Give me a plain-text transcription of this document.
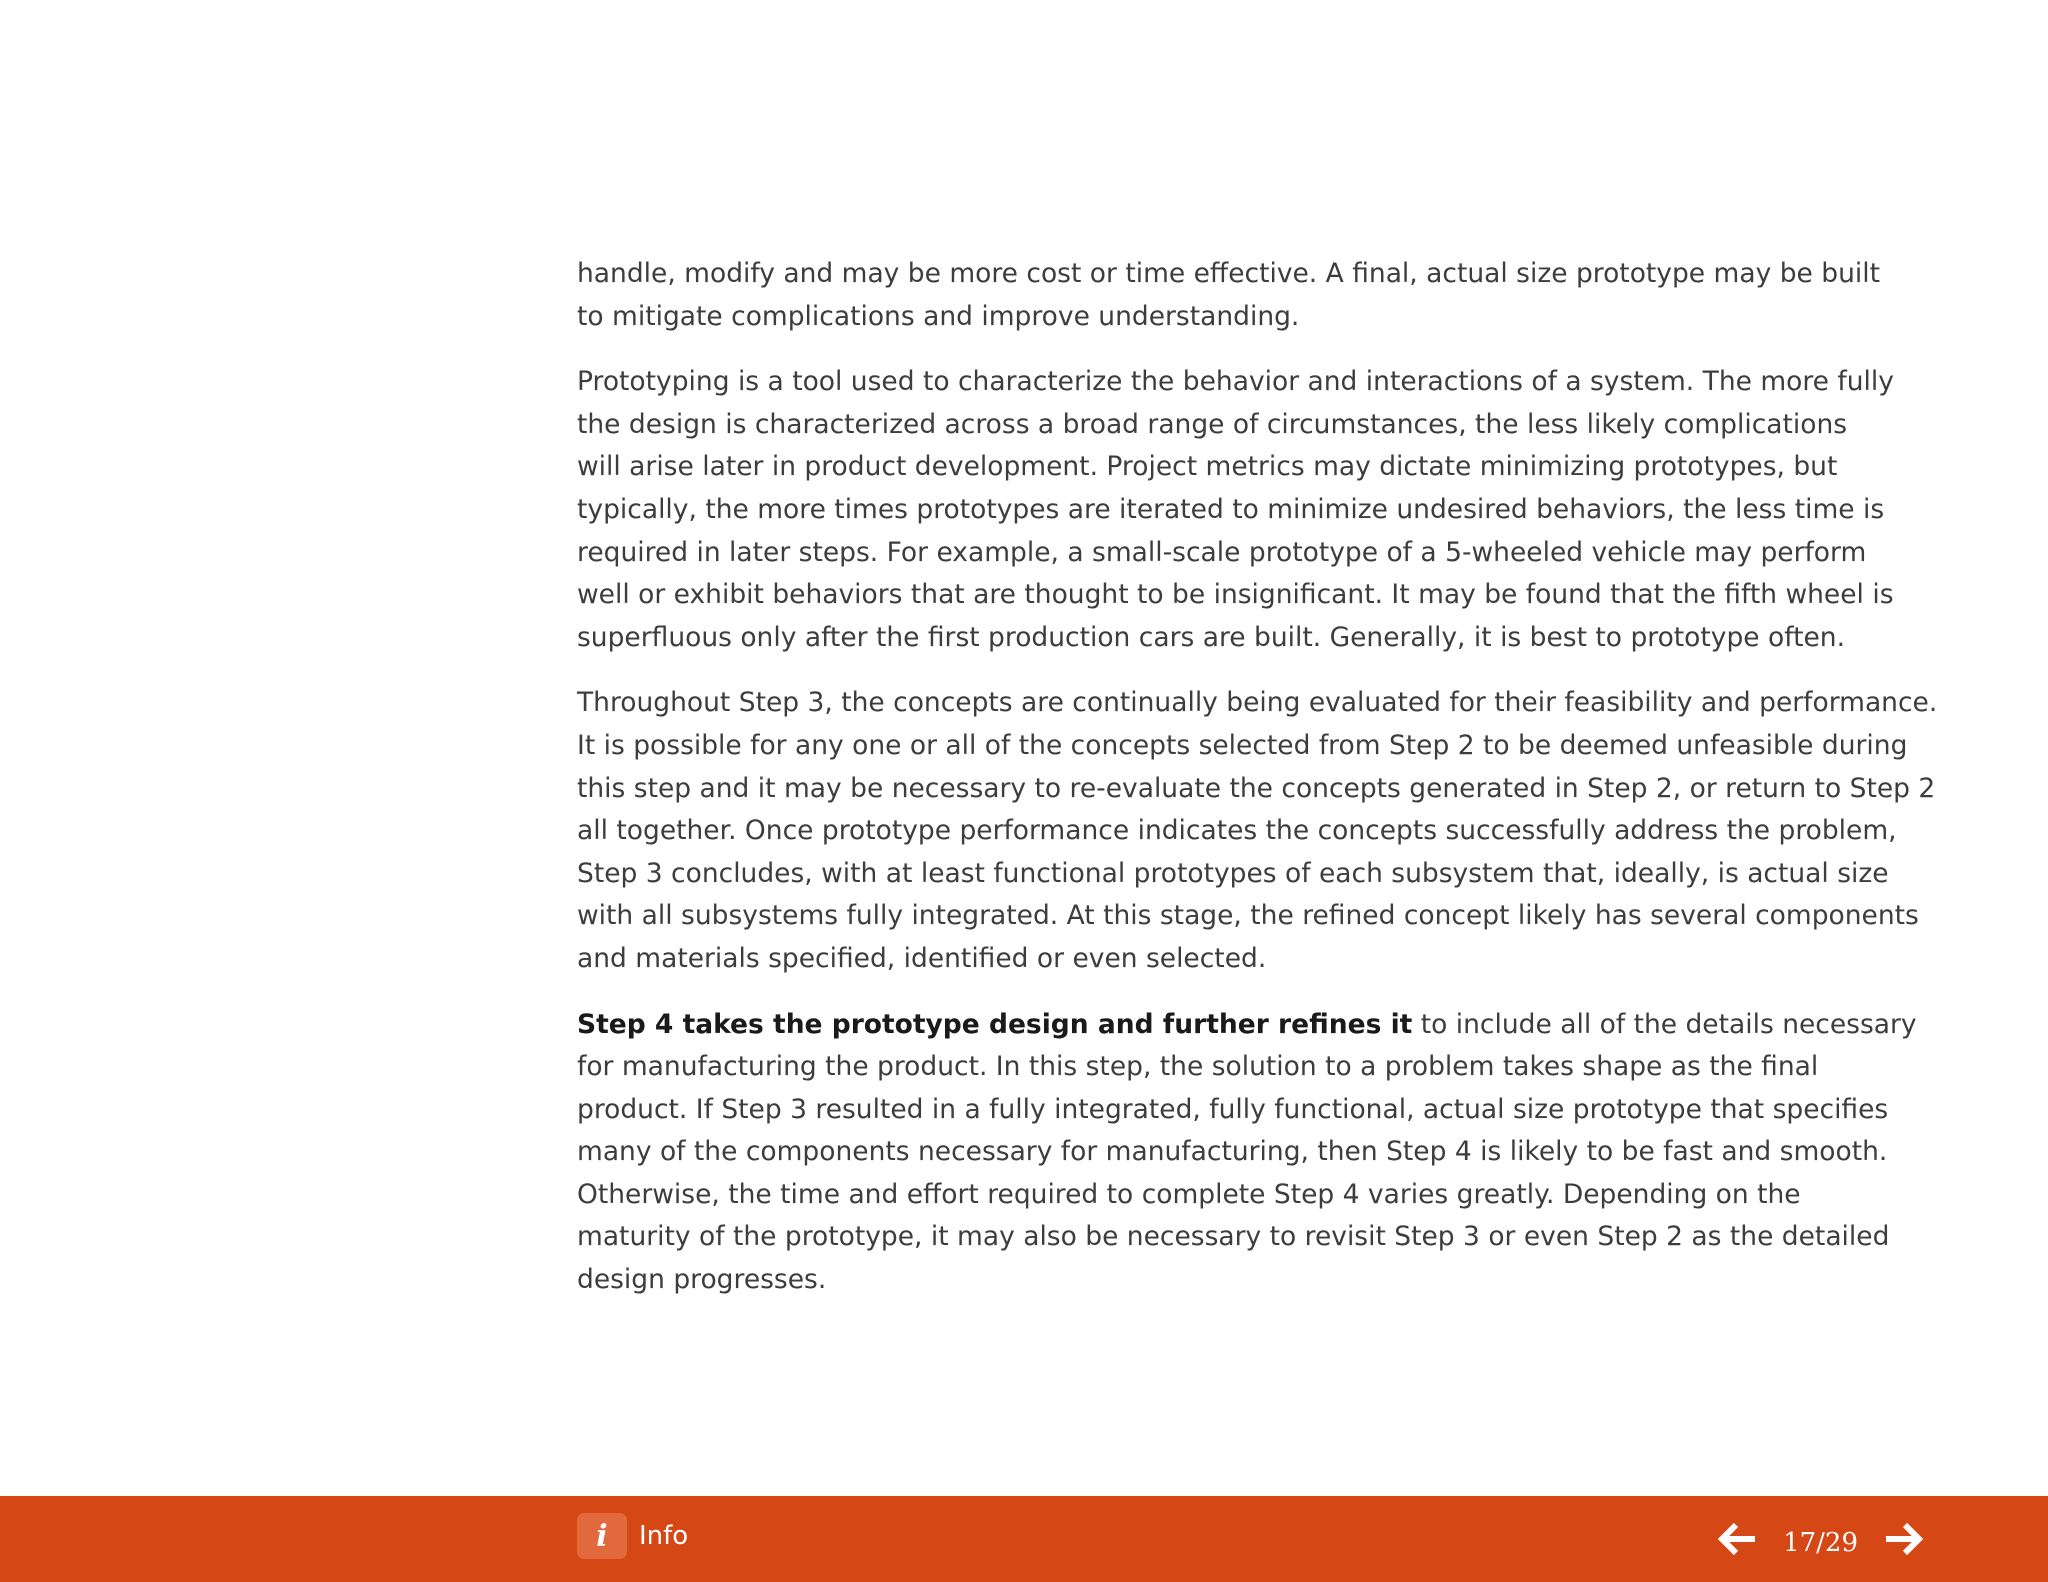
handle, modify and may be more cost or time effective. A final, actual size prototype may be built
to mitigate complications and improve understanding.

Prototyping is a tool used to characterize the behavior and interactions of a system. The more fully
the design is characterized across a broad range of circumstances, the less likely complications
will arise later in product development. Project metrics may dictate minimizing prototypes, but
typically, the more times prototypes are iterated to minimize undesired behaviors, the less time is
required in later steps. For example, a small-scale prototype of a 5-wheeled vehicle may perform
well or exhibit behaviors that are thought to be insignificant. It may be found that the fifth wheel is
superfluous only after the first production cars are built. Generally, it is best to prototype often.

Throughout Step 3, the concepts are continually being evaluated for their feasibility and performance.
It is possible for any one or all of the concepts selected from Step 2 to be deemed unfeasible during
this step and it may be necessary to re-evaluate the concepts generated in Step 2, or return to Step 2
all together. Once prototype performance indicates the concepts successfully address the problem,
Step 3 concludes, with at least functional prototypes of each subsystem that, ideally, is actual size
with all subsystems fully integrated. At this stage, the refined concept likely has several components
and materials specified, identified or even selected.

Step 4 takes the prototype design and further refines it to include all of the details necessary
for manufacturing the product. In this step, the solution to a problem takes shape as the final
product. If Step 3 resulted in a fully integrated, fully functional, actual size prototype that specifies
many of the components necessary for manufacturing, then Step 4 is likely to be fast and smooth.
Otherwise, the time and effort required to complete Step 4 varies greatly. Depending on the
maturity of the prototype, it may also be necessary to revisit Step 3 or even Step 2 as the detailed
design progresses.

i	Info	17/29
